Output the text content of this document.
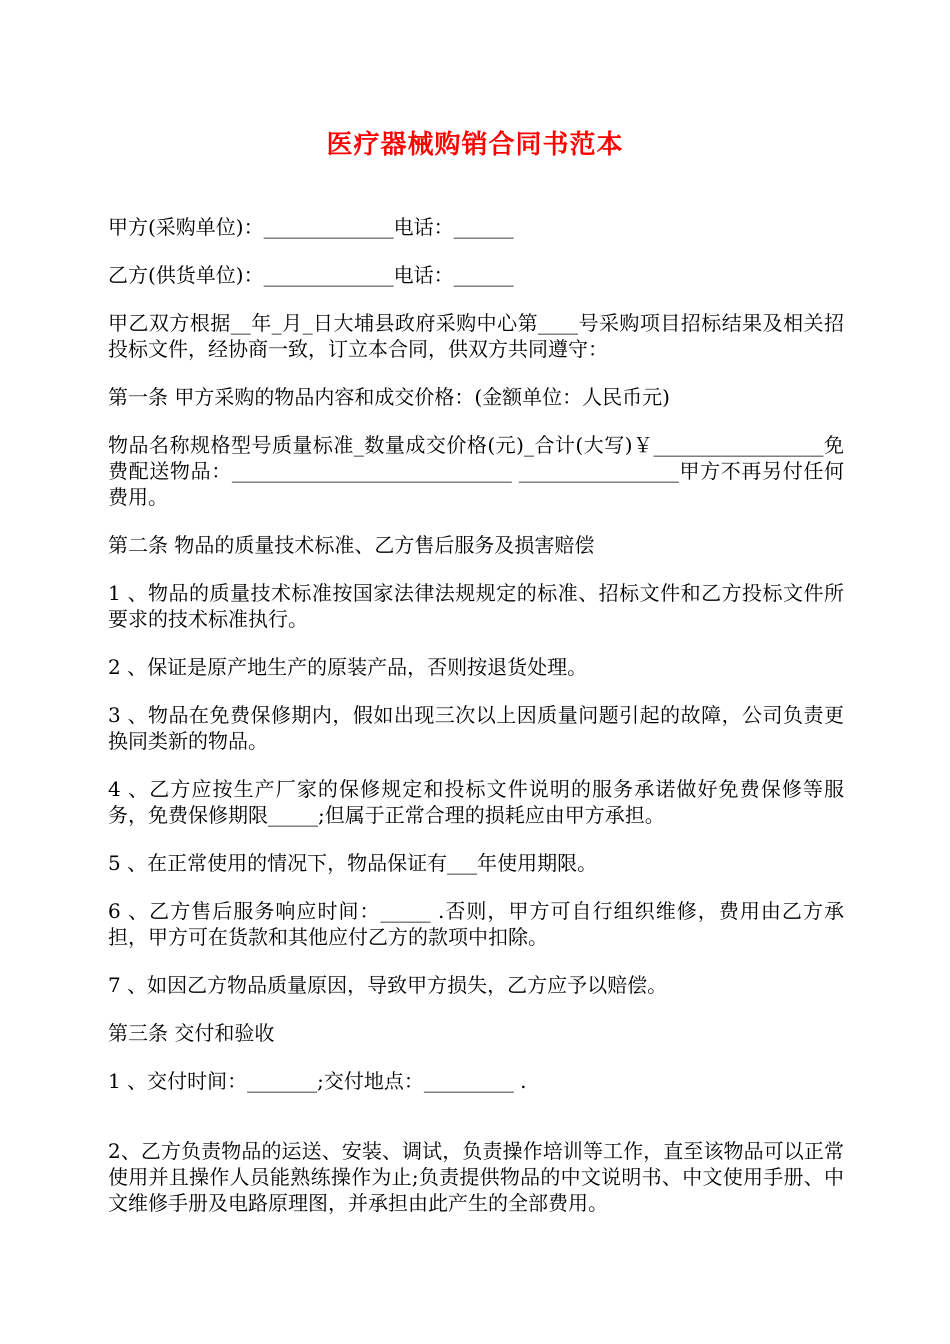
医疗器械购销合同书范本

甲方(采购单位)：_____________电话：______

乙方(供货单位)：_____________电话：______

甲乙双方根据__年_月_日大埔县政府采购中心第____号采购项目招标结果及相关招投标文件，经协商一致，订立本合同，供双方共同遵守：

第一条 甲方采购的物品内容和成交价格：(金额单位：人民币元)

物品名称规格型号质量标准_数量成交价格(元)_合计(大写)￥_________________免费配送物品：____________________________ ________________甲方不再另付任何费用。

第二条 物品的质量技术标准、乙方售后服务及损害赔偿

1 、物品的质量技术标准按国家法律法规规定的标准、招标文件和乙方投标文件所要求的技术标准执行。

2 、保证是原产地生产的原装产品，否则按退货处理。

3 、物品在免费保修期内，假如出现三次以上因质量问题引起的故障，公司负责更换同类新的物品。

4 、乙方应按生产厂家的保修规定和投标文件说明的服务承诺做好免费保修等服务，免费保修期限_____;但属于正常合理的损耗应由甲方承担。

5 、在正常使用的情况下，物品保证有___年使用期限。

6 、乙方售后服务响应时间：_____ .否则，甲方可自行组织维修，费用由乙方承担，甲方可在货款和其他应付乙方的款项中扣除。

7 、如因乙方物品质量原因，导致甲方损失，乙方应予以赔偿。

第三条 交付和验收

1 、交付时间：_______;交付地点：_________ .

2、乙方负责物品的运送、安装、调试，负责操作培训等工作，直至该物品可以正常使用并且操作人员能熟练操作为止;负责提供物品的中文说明书、中文使用手册、中文维修手册及电路原理图，并承担由此产生的全部费用。
